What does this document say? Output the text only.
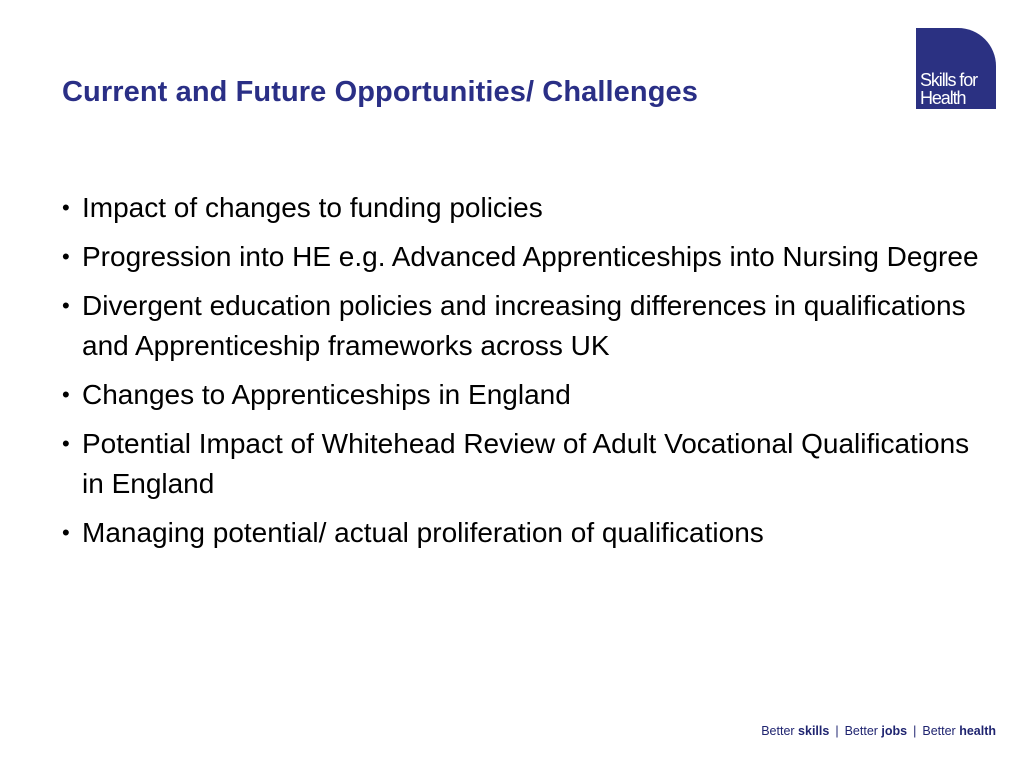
Current and Future Opportunities/ Challenges	Skills for
Health
• Impact of changes to funding policies
• Progression into HE e.g. Advanced Apprenticeships into Nursing Degree
• Divergent education policies and increasing differences in qualifications and Apprenticeship frameworks across UK
• Changes to Apprenticeships in England
• Potential Impact of Whitehead Review of Adult Vocational Qualifications in England
• Managing potential/ actual proliferation of qualifications
Better skills | Better jobs | Better health
